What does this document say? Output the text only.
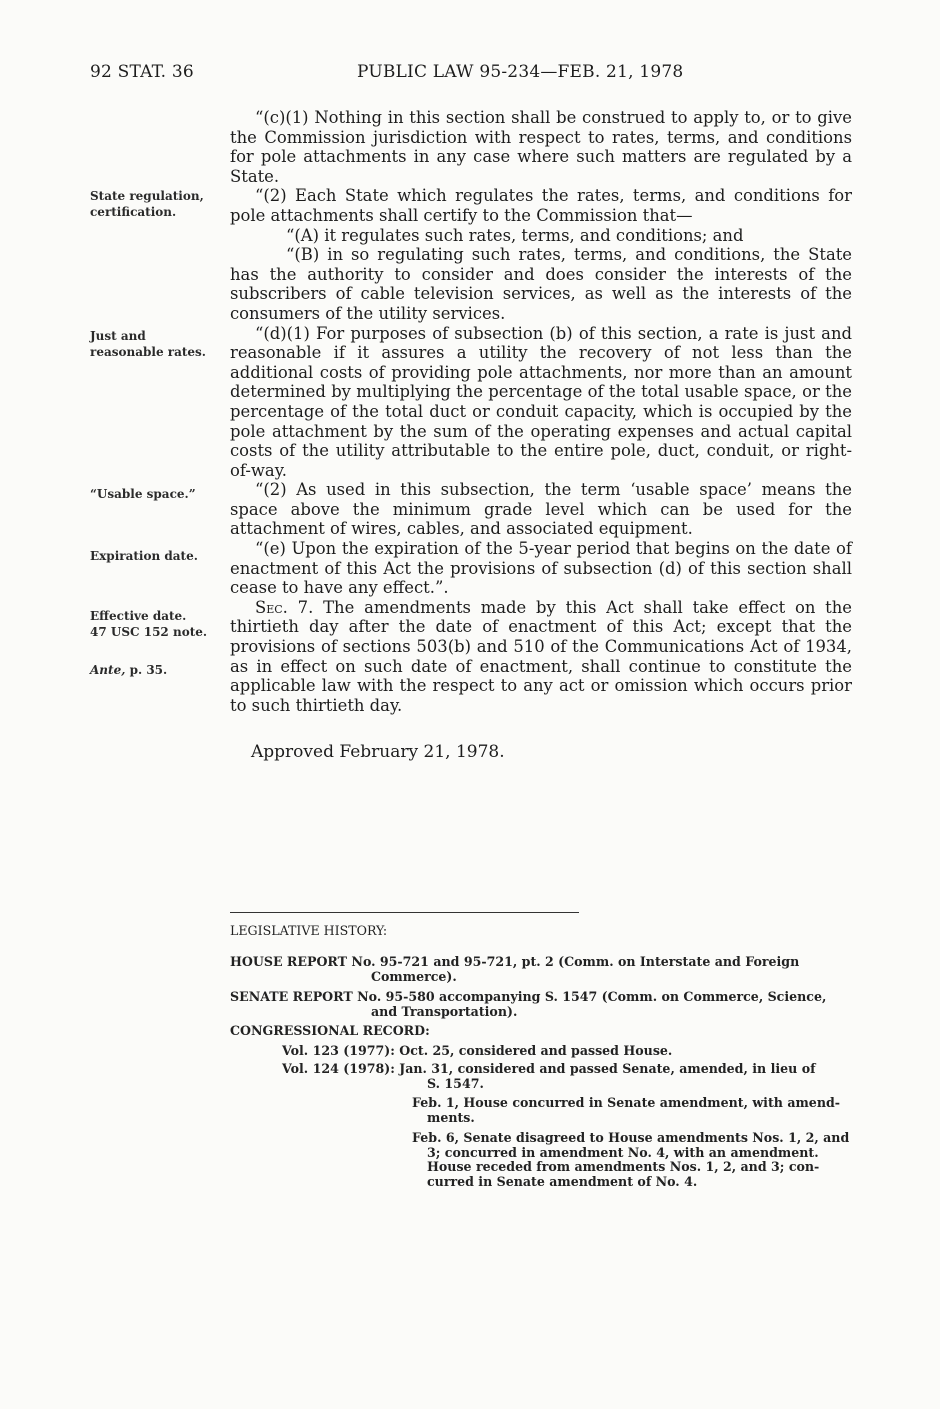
92 STAT. 36	PUBLIC LAW 95-234—FEB. 21, 1978
State regulation,
certification.
Just and
reasonable rates.
“Usable space.”
Expiration date.
Effective date.
47 USC 152 note.
Ante, p. 35.

“(c)(1) Nothing in this section shall be construed to apply to, or to give the Commission jurisdiction with respect to rates, terms, and conditions for pole attachments in any case where such matters are regulated by a State.

“(2) Each State which regulates the rates, terms, and conditions for pole attachments shall certify to the Commission that—

“(A) it regulates such rates, terms, and conditions; and

“(B) in so regulating such rates, terms, and conditions, the State has the authority to consider and does consider the interests of the subscribers of cable television services, as well as the interests of the consumers of the utility services.

“(d)(1) For purposes of subsection (b) of this section, a rate is just and reasonable if it assures a utility the recovery of not less than the additional costs of providing pole attachments, nor more than an amount determined by multiplying the percentage of the total usable space, or the percentage of the total duct or conduit capacity, which is occupied by the pole attachment by the sum of the operating expenses and actual capital costs of the utility attributable to the entire pole, duct, conduit, or right-of-way.

“(2) As used in this subsection, the term ‘usable space’ means the space above the minimum grade level which can be used for the attachment of wires, cables, and associated equipment.

“(e) Upon the expiration of the 5-year period that begins on the date of enactment of this Act the provisions of subsection (d) of this section shall cease to have any effect.”.

Sec. 7. The amendments made by this Act shall take effect on the thirtieth day after the date of enactment of this Act; except that the provisions of sections 503(b) and 510 of the Communications Act of 1934, as in effect on such date of enactment, shall continue to constitute the applicable law with the respect to any act or omission which occurs prior to such thirtieth day.

Approved February 21, 1978.
LEGISLATIVE HISTORY:
HOUSE REPORT No. 95-721 and 95-721, pt. 2 (Comm. on Interstate and Foreign
Commerce).
SENATE REPORT No. 95-580 accompanying S. 1547 (Comm. on Commerce, Science,
and Transportation).
CONGRESSIONAL RECORD:
Vol. 123 (1977): Oct. 25, considered and passed House.
Vol. 124 (1978): Jan. 31, considered and passed Senate, amended, in lieu of
S. 1547.
Feb. 1, House concurred in Senate amendment, with amend-
ments.
Feb. 6, Senate disagreed to House amendments Nos. 1, 2, and
3; concurred in amendment No. 4, with an amendment.
House receded from amendments Nos. 1, 2, and 3; con-
curred in Senate amendment of No. 4.
